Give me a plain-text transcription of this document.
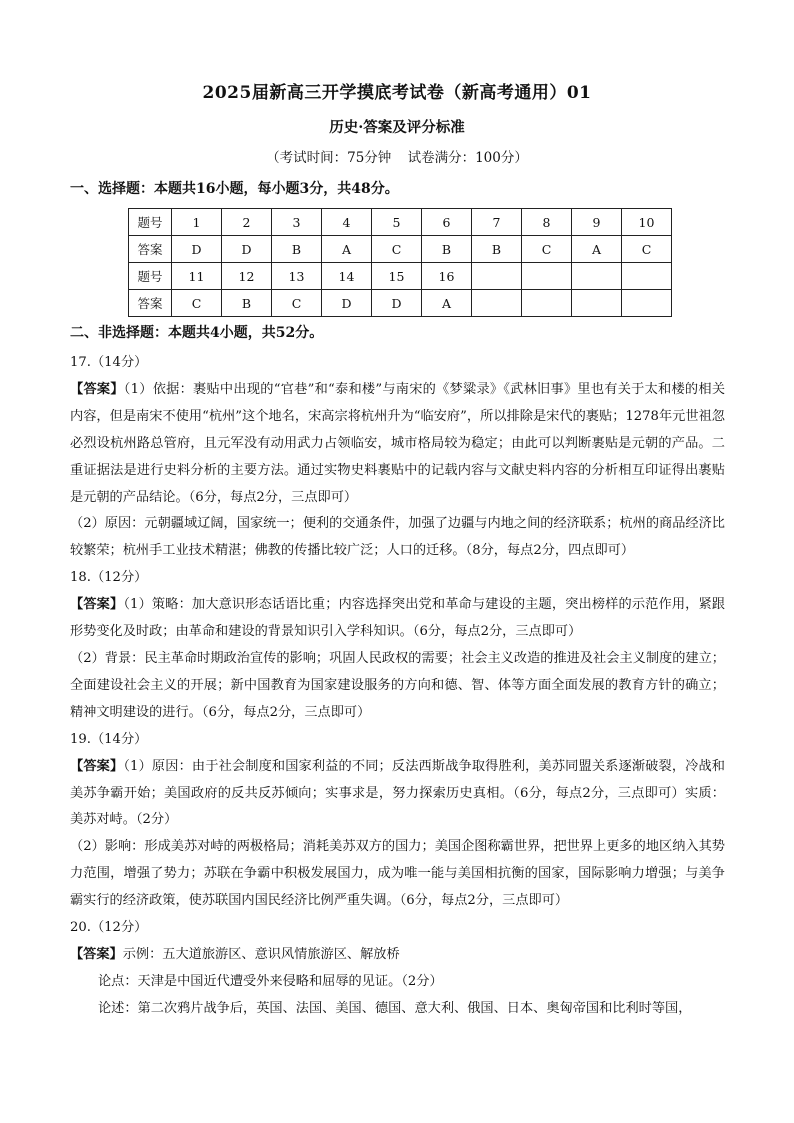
2025届新高三开学摸底考试卷（新高考通用）01
历史·答案及评分标准
（考试时间：75分钟 试卷满分：100分）
一、选择题：本题共16小题，每小题3分，共48分。
题号	1	2	3	4	5	6	7	8	9	10
答案	D	D	B	A	C	B	B	C	A	C
题号	11	12	13	14	15	16				
答案	C	B	C	D	D	A				
二、非选择题：本题共4小题，共52分。

17.（14分）

【答案】（1）依据：裹贴中出现的“官巷”和“泰和楼”与南宋的《梦粱录》《武林旧事》里也有关于太和楼的相关内容，但是南宋不使用“杭州”这个地名，宋高宗将杭州升为“临安府”，所以排除是宋代的裹贴；1278年元世祖忽必烈设杭州路总管府，且元军没有动用武力占领临安，城市格局较为稳定；由此可以判断裹贴是元朝的产品。二重证据法是进行史料分析的主要方法。通过实物史料裹贴中的记载内容与文献史料内容的分析相互印证得出裹贴是元朝的产品结论。（6分，每点2分，三点即可）

（2）原因：元朝疆域辽阔，国家统一；便利的交通条件，加强了边疆与内地之间的经济联系；杭州的商品经济比较繁荣；杭州手工业技术精湛；佛教的传播比较广泛；人口的迁移。（8分，每点2分，四点即可）

18.（12分）

【答案】（1）策略：加大意识形态话语比重；内容选择突出党和革命与建设的主题，突出榜样的示范作用，紧跟形势变化及时政；由革命和建设的背景知识引入学科知识。（6分，每点2分，三点即可）

（2）背景：民主革命时期政治宣传的影响；巩固人民政权的需要；社会主义改造的推进及社会主义制度的建立；全面建设社会主义的开展；新中国教育为国家建设服务的方向和德、智、体等方面全面发展的教育方针的确立；精神文明建设的进行。（6分，每点2分，三点即可）

19.（14分）

【答案】（1）原因：由于社会制度和国家利益的不同；反法西斯战争取得胜利，美苏同盟关系逐渐破裂，冷战和美苏争霸开始；美国政府的反共反苏倾向；实事求是，努力探索历史真相。（6分，每点2分，三点即可）实质：美苏对峙。（2分）

（2）影响：形成美苏对峙的两极格局；消耗美苏双方的国力；美国企图称霸世界，把世界上更多的地区纳入其势力范围，增强了势力；苏联在争霸中积极发展国力，成为唯一能与美国相抗衡的国家，国际影响力增强；与美争霸实行的经济政策，使苏联国内国民经济比例严重失调。（6分，每点2分，三点即可）

20.（12分）

【答案】示例：五大道旅游区、意识风情旅游区、解放桥

论点：天津是中国近代遭受外来侵略和屈辱的见证。（2分）

论述：第二次鸦片战争后，英国、法国、美国、德国、意大利、俄国、日本、奥匈帝国和比利时等国，
